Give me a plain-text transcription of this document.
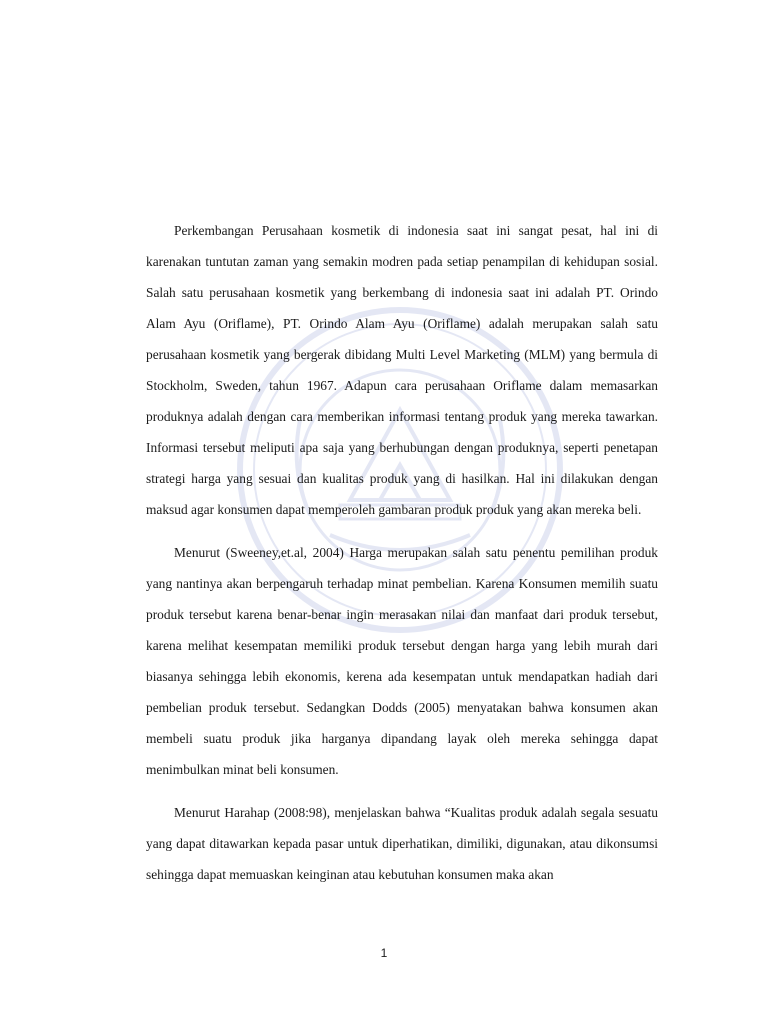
Perkembangan Perusahaan kosmetik di indonesia saat ini sangat pesat, hal ini di karenakan tuntutan zaman yang semakin modren pada setiap penampilan di kehidupan sosial. Salah satu perusahaan kosmetik yang berkembang di indonesia saat ini adalah PT. Orindo Alam Ayu (Oriflame), PT. Orindo Alam Ayu (Oriflame) adalah merupakan salah satu perusahaan kosmetik yang bergerak dibidang Multi Level Marketing (MLM) yang bermula di Stockholm, Sweden, tahun 1967. Adapun cara perusahaan Oriflame dalam memasarkan produknya adalah dengan cara memberikan informasi tentang produk yang mereka tawarkan. Informasi tersebut meliputi apa saja yang berhubungan dengan produknya, seperti penetapan strategi harga yang sesuai dan kualitas produk yang di hasilkan. Hal ini dilakukan dengan maksud agar konsumen dapat memperoleh gambaran produk produk yang akan mereka beli.

Menurut (Sweeney,et.al, 2004) Harga merupakan salah satu penentu pemilihan produk yang nantinya akan berpengaruh terhadap minat pembelian. Karena Konsumen memilih suatu produk tersebut karena benar-benar ingin merasakan nilai dan manfaat dari produk tersebut, karena melihat kesempatan memiliki produk tersebut dengan harga yang lebih murah dari biasanya sehingga lebih ekonomis, kerena ada kesempatan untuk mendapatkan hadiah dari pembelian produk tersebut. Sedangkan Dodds (2005) menyatakan bahwa konsumen akan membeli suatu produk jika harganya dipandang layak oleh mereka sehingga dapat menimbulkan minat beli konsumen.

Menurut Harahap (2008:98), menjelaskan bahwa “Kualitas produk adalah segala sesuatu yang dapat ditawarkan kepada pasar untuk diperhatikan, dimiliki, digunakan, atau dikonsumsi sehingga dapat memuaskan keinginan atau kebutuhan konsumen maka akan

1
